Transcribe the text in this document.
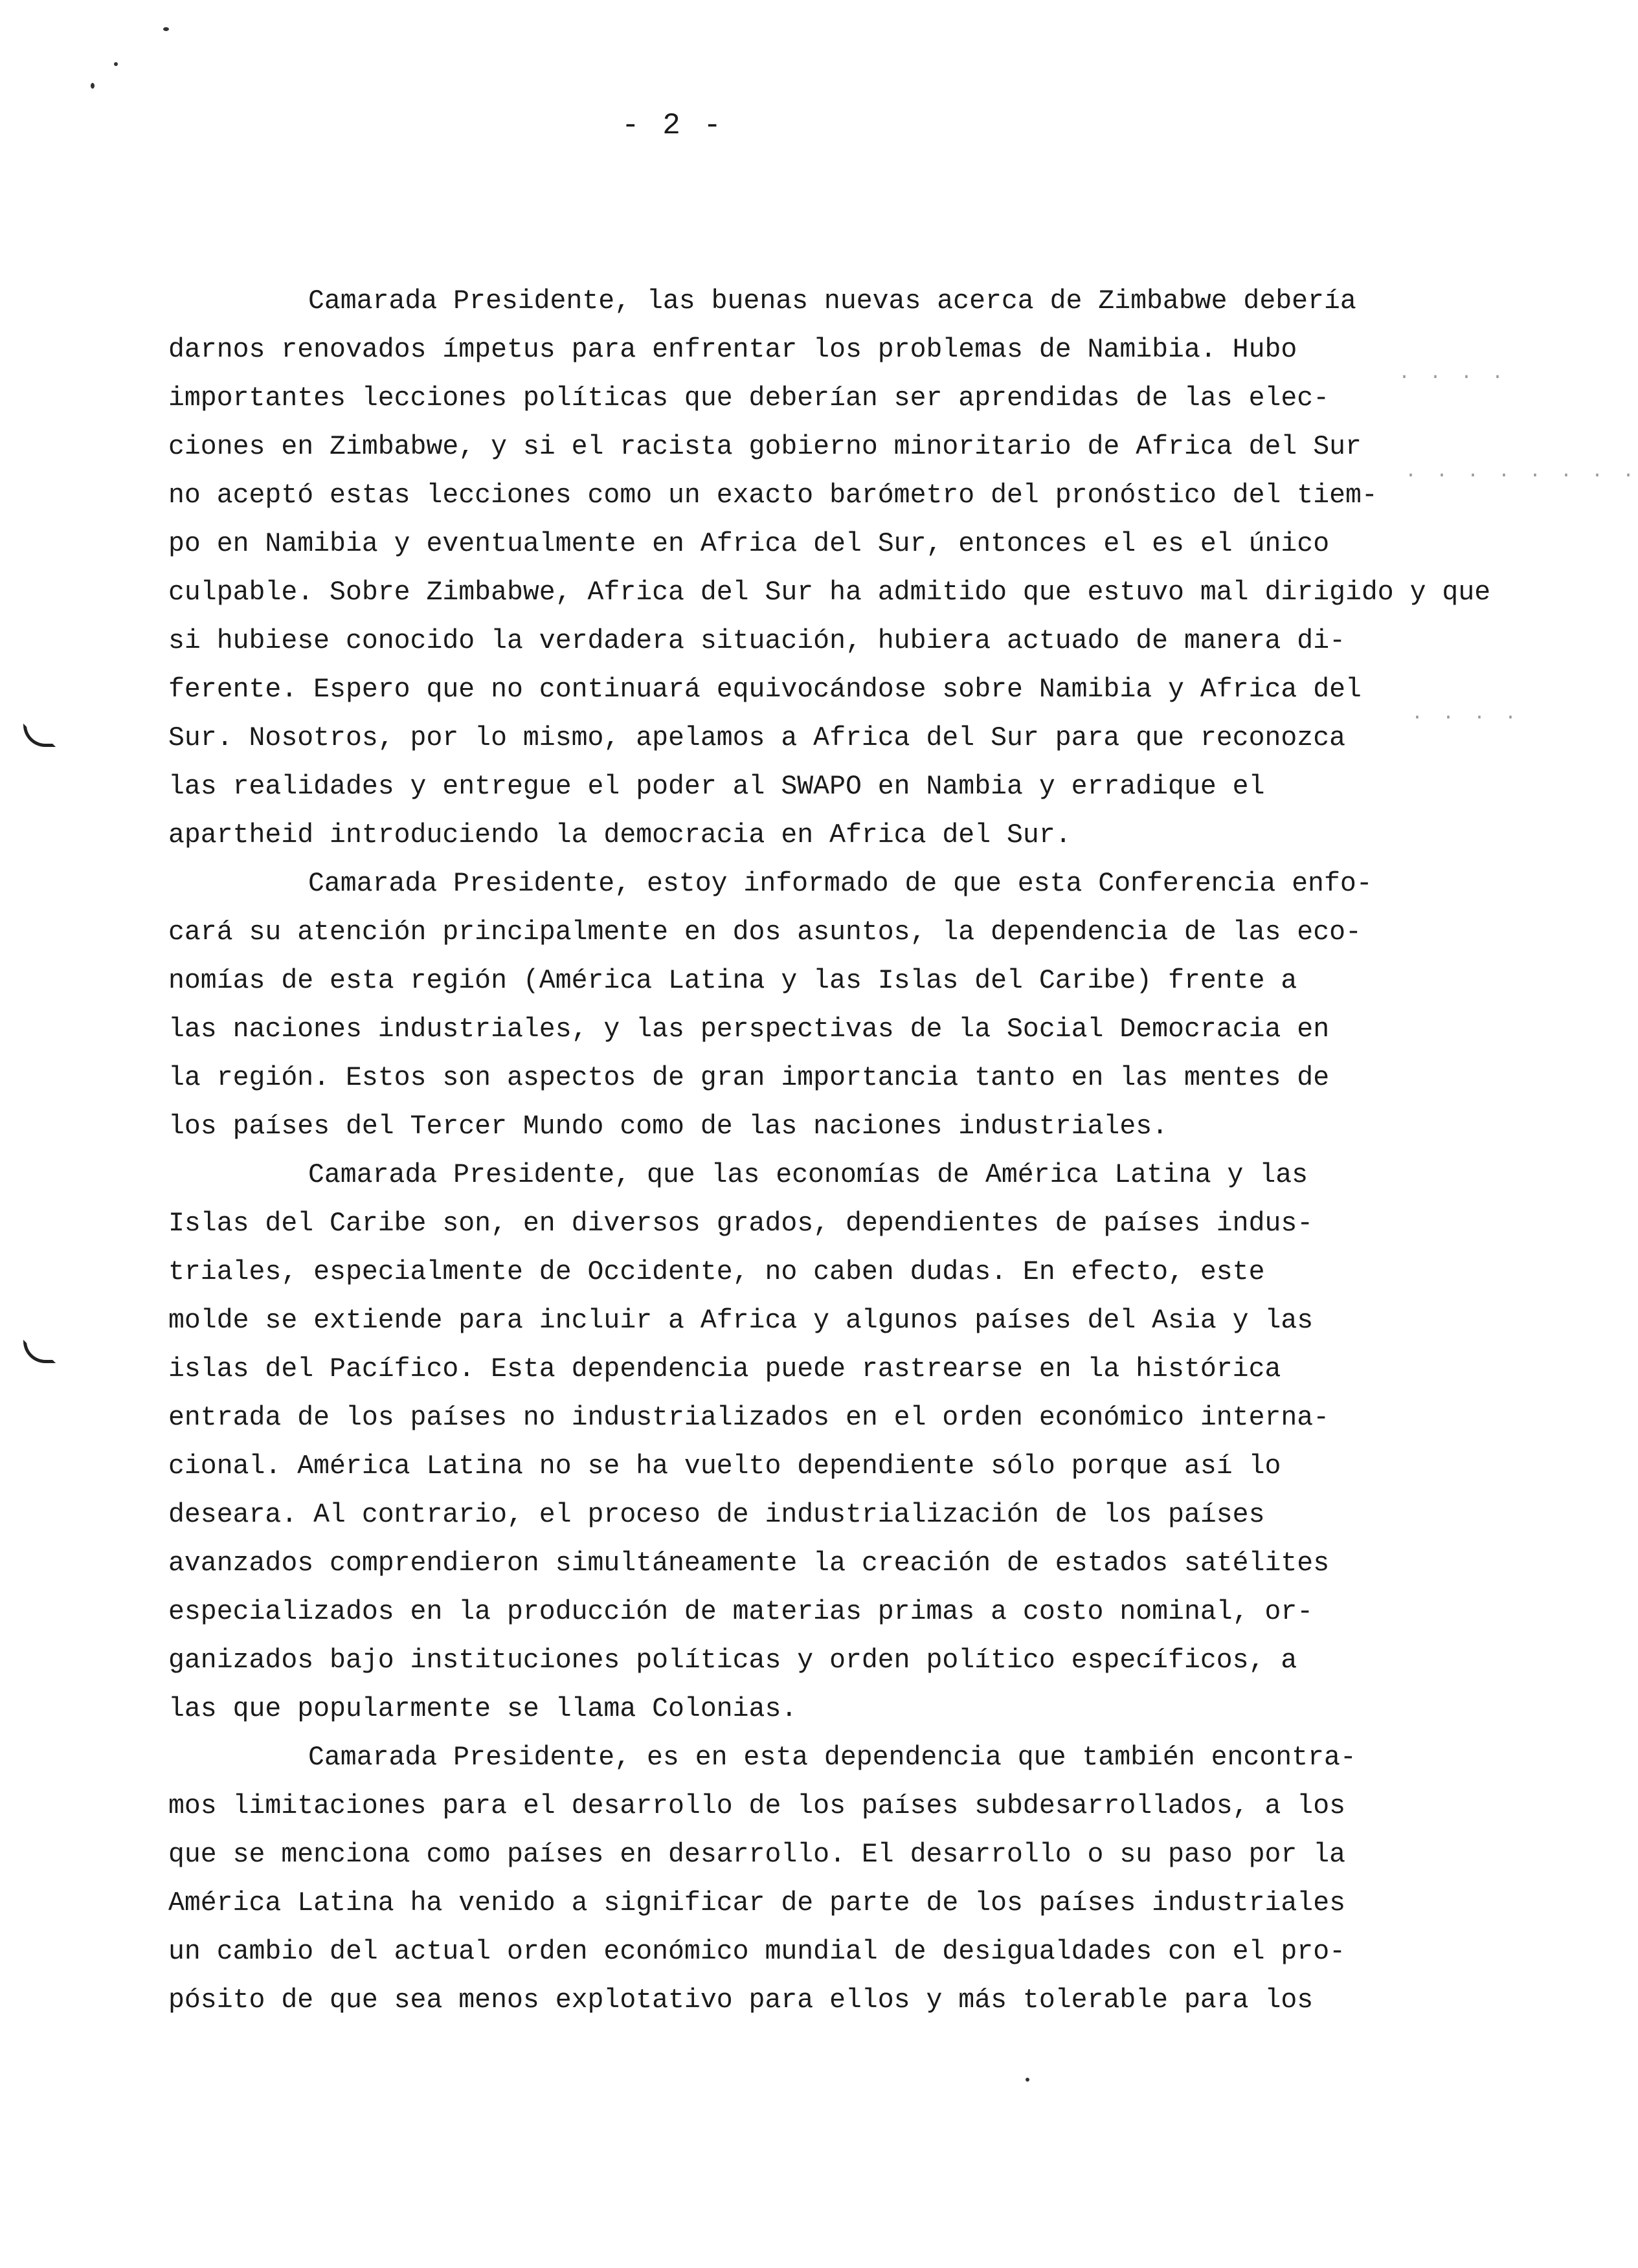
. . . .
. . . . . . . .
. . . .
- 2 -
Camarada Presidente, las buenas nuevas acerca de Zimbabwe debería
darnos renovados ímpetus para enfrentar los problemas de Namibia. Hubo
importantes lecciones políticas que deberían ser aprendidas de las elec-
ciones en Zimbabwe, y si el racista gobierno minoritario de Africa del Sur
no aceptó estas lecciones como un exacto barómetro del pronóstico del tiem-
po en Namibia y eventualmente en Africa del Sur, entonces el es el único
culpable. Sobre Zimbabwe, Africa del Sur ha admitido que estuvo mal dirigido y que
si hubiese conocido la verdadera situación, hubiera actuado de manera di-
ferente. Espero que no continuará equivocándose sobre Namibia y Africa del
Sur. Nosotros, por lo mismo, apelamos a Africa del Sur para que reconozca
las realidades y entregue el poder al SWAPO en Nambia y erradique el
apartheid introduciendo la democracia en Africa del Sur.
Camarada Presidente, estoy informado de que esta Conferencia enfo-
cará su atención principalmente en dos asuntos, la dependencia de las eco-
nomías de esta región (América Latina y las Islas del Caribe) frente a
las naciones industriales, y las perspectivas de la Social Democracia en
la región. Estos son aspectos de gran importancia tanto en las mentes de
los países del Tercer Mundo como de las naciones industriales.
Camarada Presidente, que las economías de América Latina y las
Islas del Caribe son, en diversos grados, dependientes de países indus-
triales, especialmente de Occidente, no caben dudas. En efecto, este
molde se extiende para incluir a Africa y algunos países del Asia y las
islas del Pacífico. Esta dependencia puede rastrearse en la histórica
entrada de los países no industrializados en el orden económico interna-
cional. América Latina no se ha vuelto dependiente sólo porque así lo
deseara. Al contrario, el proceso de industrialización de los países
avanzados comprendieron simultáneamente la creación de estados satélites
especializados en la producción de materias primas a costo nominal, or-
ganizados bajo instituciones políticas y orden político específicos, a
las que popularmente se llama Colonias.
Camarada Presidente, es en esta dependencia que también encontra-
mos limitaciones para el desarrollo de los países subdesarrollados, a los
que se menciona como países en desarrollo. El desarrollo o su paso por la
América Latina ha venido a significar de parte de los países industriales
un cambio del actual orden económico mundial de desigualdades con el pro-
pósito de que sea menos explotativo para ellos y más tolerable para los
